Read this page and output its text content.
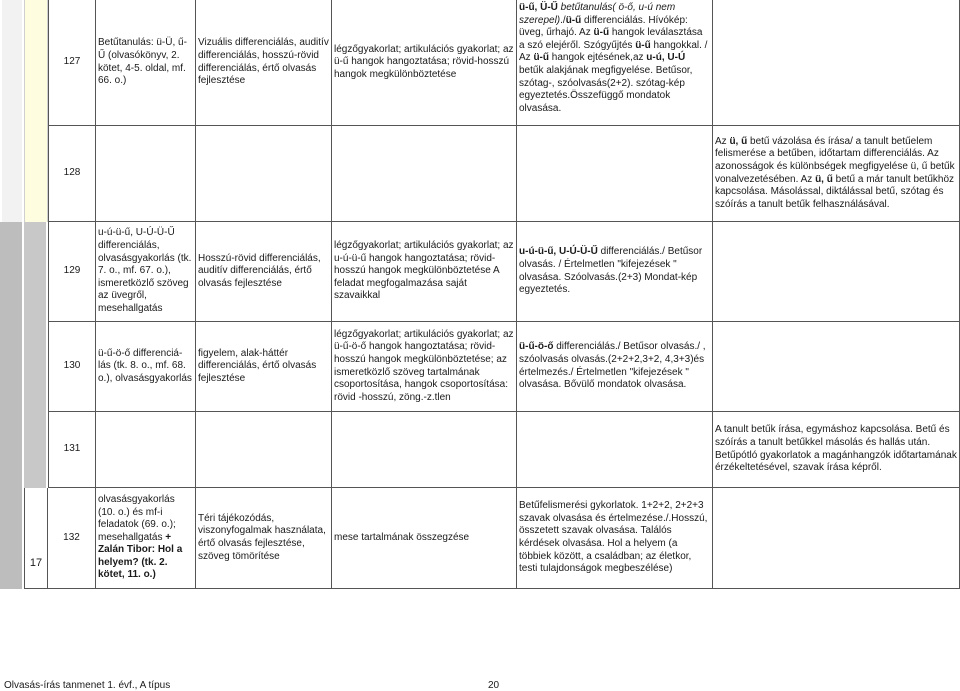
17
127
Betűtanulás: ü-Ü, ű-Ű (olvasókönyv, 2. kötet, 4-5. oldal, mf. 66. o.)
Vizuális differenciálás, auditív differenciálás, hosszú-rövid differenciálás, értő olvasás fejlesztése
légzőgyakorlat; artikulációs gyakorlat; az ü-ű hangok hangoztatása; rövid-hosszú hangok megkülönböztetése
ü-ű, Ü-Ű betűtanulás( ö-ő, u-ú nem szerepel)./ü-ű differenciálás. Hívókép: üveg, űrhajó. Az ü-ű hangok leválasztása a szó elejéről. Szógyűjtés ü-ű hangokkal. / Az ü-ű hangok ejtésének,az u-ú, U-Ú betűk alakjának megfigyelése. Betűsor, szótag-, szóolvasás(2+2). szótag-kép egyeztetés.Összefüggő mondatok olvasása.
128
Az ü, ű betű vázolása és írása/ a tanult betűelem felismerése a betűben, időtartam differenciálás. Az azonosságok és különbségek megfigyelése ü, ű betűk vonalvezetésében. Az ü, ű betű a már tanult betűkhöz kapcsolása. Másolással, diktálással betű, szótag és szóírás a tanult betűk felhasználásával.
129
u-ú-ü-ű, U-Ú-Ü-Ű differenciálás, olvasásgyakorlás (tk. 7. o., mf. 67. o.), ismeretközlő szöveg az üvegről, mesehallgatás
Hosszú-rövid differenciálás, auditív differenciálás, értő olvasás fejlesztése
légzőgyakorlat; artikulációs gyakorlat; az u-ú-ü-ű hangok hangoztatása; rövid-hosszú hangok megkülönböztetése A feladat megfogalmazása saját szavaikkal
u-ú-ü-ű, U-Ú-Ü-Ű differenciálás./ Betűsor olvasás. / Értelmetlen "kifejezések " olvasása. Szóolvasás.(2+3) Mondat-kép egyeztetés.
130
ü-ű-ö-ő differenciá-lás (tk. 8. o., mf. 68. o.), olvasásgyakorlás
figyelem, alak-háttér differenciálás, értő olvasás fejlesztése
légzőgyakorlat; artikulációs gyakorlat; az ü-ű-ö-ő hangok hangoztatása; rövid-hosszú hangok megkülönböztetése; az ismeretközlő szöveg tartalmának csoportosítása, hangok csoportosítása: rövid -hosszú, zöng.-z.tlen
ü-ű-ö-ő differenciálás./ Betűsor olvasás./ , szóolvasás olvasás.(2+2+2,3+2, 4,3+3)és értelmezés./ Értelmetlen "kifejezések " olvasása. Bővülő mondatok olvasása.
131
A tanult betűk írása, egymáshoz kapcsolása. Betű és szóírás a tanult betűkkel másolás és hallás után. Betűpótló gyakorlatok a magánhangzók időtartamának érzékeltetésével, szavak írása képről.
132
olvasásgyakorlás (10. o.) és mf-i feladatok (69. o.); mesehallgatás + Zalán Tibor: Hol a helyem? (tk. 2. kötet, 11. o.)
Téri tájékozódás, viszonyfogalmak használata, értő olvasás fejlesztése, szöveg tömörítése
mese tartalmának összegzése
Betűfelismerési gykorlatok. 1+2+2, 2+2+3 szavak olvasása és értelmezése./.Hosszú, összetett szavak olvasása. Találós kérdések olvasása. Hol a helyem (a többiek között, a családban; az életkor, testi tulajdonságok megbeszélése)
Olvasás-írás tanmenet 1. évf., A típus	20
